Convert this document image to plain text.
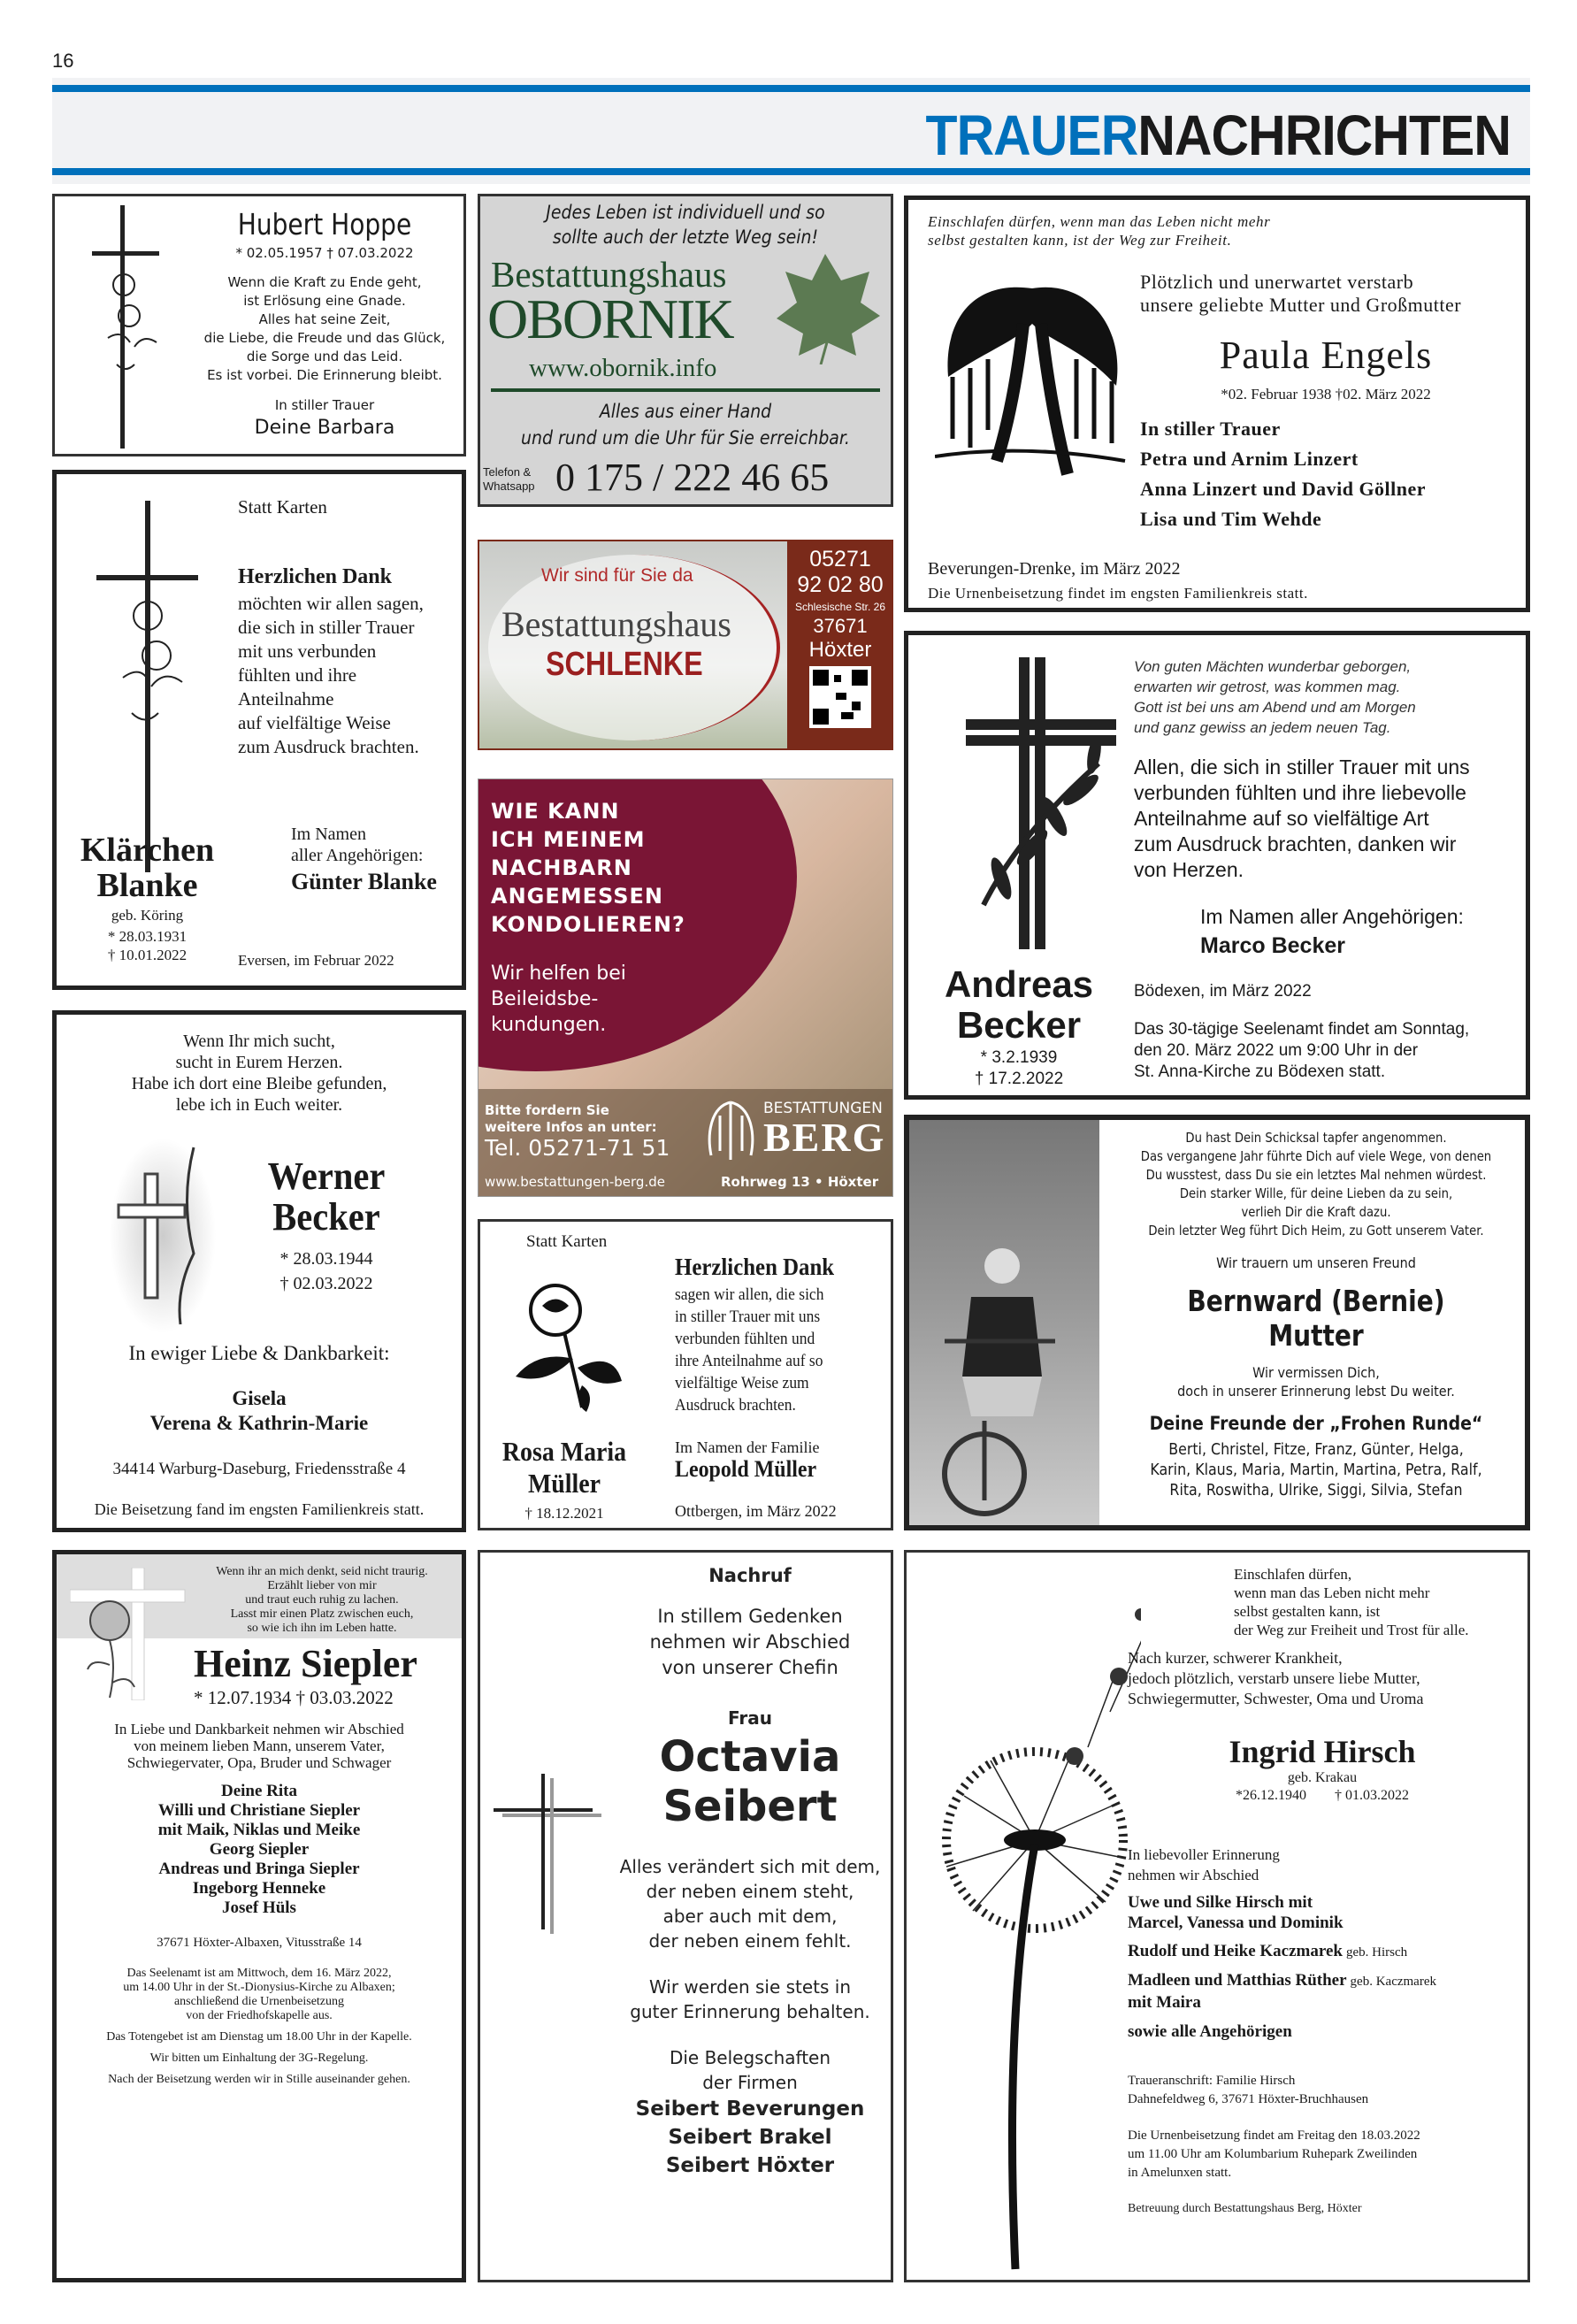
16
TRAUERNACHRICHTEN
Hubert Hoppe
* 02.05.1957 † 07.03.2022
Wenn die Kraft zu Ende geht,
ist Erlösung eine Gnade.
Alles hat seine Zeit,
die Liebe, die Freude und das Glück,
die Sorge und das Leid.
Es ist vorbei. Die Erinnerung bleibt.
In stiller Trauer
Deine Barbara
Statt Karten
Herzlichen Dank
möchten wir allen sagen,
die sich in stiller Trauer
mit uns verbunden
fühlten und ihre
Anteilnahme
auf vielfältige Weise
zum Ausdruck brachten.
Klärchen
Blanke
geb. Köring
* 28.03.1931
† 10.01.2022
Im Namen
aller Angehörigen:
Günter Blanke
Eversen, im Februar 2022
Wenn Ihr mich sucht,
sucht in Eurem Herzen.
Habe ich dort eine Bleibe gefunden,
lebe ich in Euch weiter.
Werner
Becker
* 28.03.1944
† 02.03.2022
In ewiger Liebe & Dankbarkeit:
Gisela
Verena & Kathrin-Marie
34414 Warburg-Daseburg, Friedensstraße 4
Die Beisetzung fand im engsten Familienkreis statt.
Wenn ihr an mich denkt, seid nicht traurig.
Erzählt lieber von mir
und traut euch ruhig zu lachen.
Lasst mir einen Platz zwischen euch,
so wie ich ihn im Leben hatte.
Heinz Siepler
* 12.07.1934 † 03.03.2022
In Liebe und Dankbarkeit nehmen wir Abschied
von meinem lieben Mann, unserem Vater,
Schwiegervater, Opa, Bruder und Schwager
Deine Rita
Willi und Christiane Siepler
mit Maik, Niklas und Meike
Georg Siepler
Andreas und Bringa Siepler
Ingeborg Henneke
Josef Hüls
37671 Höxter-Albaxen, Vitusstraße 14
Das Seelenamt ist am Mittwoch, dem 16. März 2022,
um 14.00 Uhr in der St.-Dionysius-Kirche zu Albaxen;
anschließend die Urnenbeisetzung
von der Friedhofskapelle aus.
Das Totengebet ist am Dienstag um 18.00 Uhr in der Kapelle.
Wir bitten um Einhaltung der 3G-Regelung.
Nach der Beisetzung werden wir in Stille auseinander gehen.
Jedes Leben ist individuell und so
sollte auch der letzte Weg sein!
Bestattungshaus
OBORNIK
www.obornik.info
Alles aus einer Hand
und rund um die Uhr für Sie erreichbar.
Telefon &
Whatsapp 0 175 / 222 46 65
Wir sind für Sie da
Bestattungshaus
SCHLENKE
05271
92 02 80
Schlesische Str. 26
37671
Höxter
WIE KANN
ICH MEINEM
NACHBARN
ANGEMESSEN
KONDOLIEREN?
Wir helfen bei
Beileidsbe-
kundungen.
Bitte fordern Sie
weitere Infos an unter:
Tel. 05271-71 51
www.bestattungen-berg.de
BESTATTUNGEN
BERG
Rohrweg 13 • Höxter
Statt Karten
Rosa Maria
Müller
† 18.12.2021
Herzlichen Dank
sagen wir allen, die sich
in stiller Trauer mit uns
verbunden fühlten und
ihre Anteilnahme auf so
vielfältige Weise zum
Ausdruck brachten.
Im Namen der Familie
Leopold Müller
Ottbergen, im März 2022
Nachruf
In stillem Gedenken
nehmen wir Abschied
von unserer Chefin
Frau
Octavia
Seibert
Alles verändert sich mit dem,
der neben einem steht,
aber auch mit dem,
der neben einem fehlt.
Wir werden sie stets in
guter Erinnerung behalten.
Die Belegschaften
der Firmen
Seibert Beverungen
Seibert Brakel
Seibert Höxter
Einschlafen dürfen, wenn man das Leben nicht mehr
selbst gestalten kann, ist der Weg zur Freiheit.
Plötzlich und unerwartet verstarb
unsere geliebte Mutter und Großmutter
Paula Engels
*02. Februar 1938 †02. März 2022
In stiller Trauer
Petra und Arnim Linzert
Anna Linzert und David Göllner
Lisa und Tim Wehde
Beverungen-Drenke, im März 2022
Die Urnenbeisetzung findet im engsten Familienkreis statt.
Andreas
Becker
* 3.2.1939
† 17.2.2022
Von guten Mächten wunderbar geborgen,
erwarten wir getrost, was kommen mag.
Gott ist bei uns am Abend und am Morgen
und ganz gewiss an jedem neuen Tag.
Allen, die sich in stiller Trauer mit uns
verbunden fühlten und ihre liebevolle
Anteilnahme auf so vielfältige Art
zum Ausdruck brachten, danken wir
von Herzen.
Im Namen aller Angehörigen:
Marco Becker
Bödexen, im März 2022
Das 30-tägige Seelenamt findet am Sonntag,
den 20. März 2022 um 9:00 Uhr in der
St. Anna-Kirche zu Bödexen statt.
Du hast Dein Schicksal tapfer angenommen.
Das vergangene Jahr führte Dich auf viele Wege, von denen
Du wusstest, dass Du sie ein letztes Mal nehmen würdest.
Dein starker Wille, für deine Lieben da zu sein,
verlieh Dir die Kraft dazu.
Dein letzter Weg führt Dich Heim, zu Gott unserem Vater.
Wir trauern um unseren Freund
Bernward (Bernie) Mutter
Wir vermissen Dich,
doch in unserer Erinnerung lebst Du weiter.
Deine Freunde der „Frohen Runde“
Berti, Christel, Fitze, Franz, Günter, Helga,
Karin, Klaus, Maria, Martin, Martina, Petra, Ralf,
Rita, Roswitha, Ulrike, Siggi, Silvia, Stefan
Einschlafen dürfen,
wenn man das Leben nicht mehr
selbst gestalten kann, ist
der Weg zur Freiheit und Trost für alle.
Nach kurzer, schwerer Krankheit,
jedoch plötzlich, verstarb unsere liebe Mutter,
Schwiegermutter, Schwester, Oma und Uroma
Ingrid Hirsch
geb. Krakau
*26.12.1940        † 01.03.2022
In liebevoller Erinnerung
nehmen wir Abschied
Uwe und Silke Hirsch mit
Marcel, Vanessa und Dominik
Rudolf und Heike Kaczmarek geb. Hirsch
Madleen und Matthias Rüther geb. Kaczmarek
mit Maira
sowie alle Angehörigen
Traueranschrift: Familie Hirsch
Dahnefeldweg 6, 37671 Höxter-Bruchhausen
Die Urnenbeisetzung findet am Freitag den 18.03.2022
um 11.00 Uhr am Kolumbarium Ruhepark Zweilinden
in Amelunxen statt.
Betreuung durch Bestattungshaus Berg, Höxter
